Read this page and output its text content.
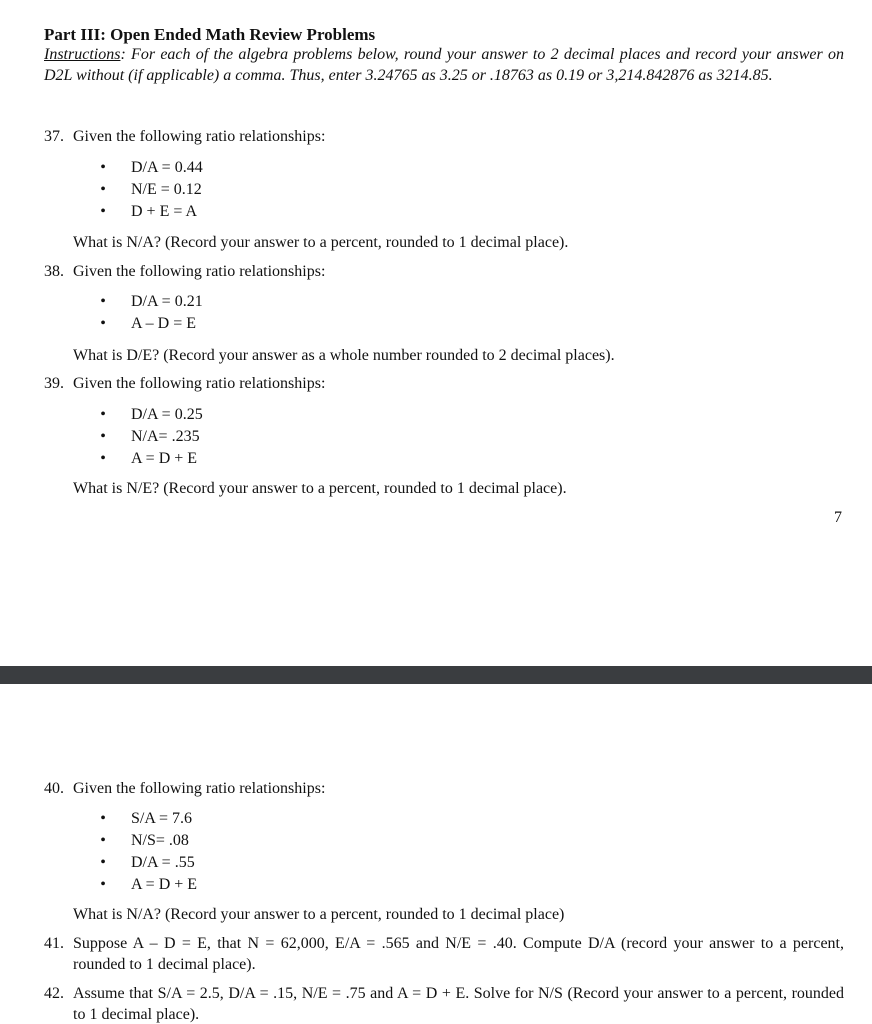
Part III: Open Ended Math Review Problems
Instructions: For each of the algebra problems below, round your answer to 2 decimal places and record your answer on D2L without (if applicable) a comma. Thus, enter 3.24765 as 3.25 or .18763 as 0.19 or 3,214.842876 as 3214.85.
37. Given the following ratio relationships:
• D/A = 0.44
• N/E = 0.12
• D + E = A
What is N/A? (Record your answer to a percent, rounded to 1 decimal place).
38. Given the following ratio relationships:
• D/A = 0.21
• A – D = E
What is D/E? (Record your answer as a whole number rounded to 2 decimal places).
39. Given the following ratio relationships:
• D/A = 0.25
• N/A= .235
• A = D + E
What is N/E? (Record your answer to a percent, rounded to 1 decimal place).
7
40. Given the following ratio relationships:
• S/A = 7.6
• N/S= .08
• D/A = .55
• A = D + E
What is N/A? (Record your answer to a percent, rounded to 1 decimal place)
41. Suppose A – D = E, that N = 62,000, E/A = .565 and N/E = .40. Compute D/A (record your answer to a percent, rounded to 1 decimal place).
42. Assume that S/A = 2.5, D/A = .15, N/E = .75 and A = D + E. Solve for N/S (Record your answer to a percent, rounded to 1 decimal place).
